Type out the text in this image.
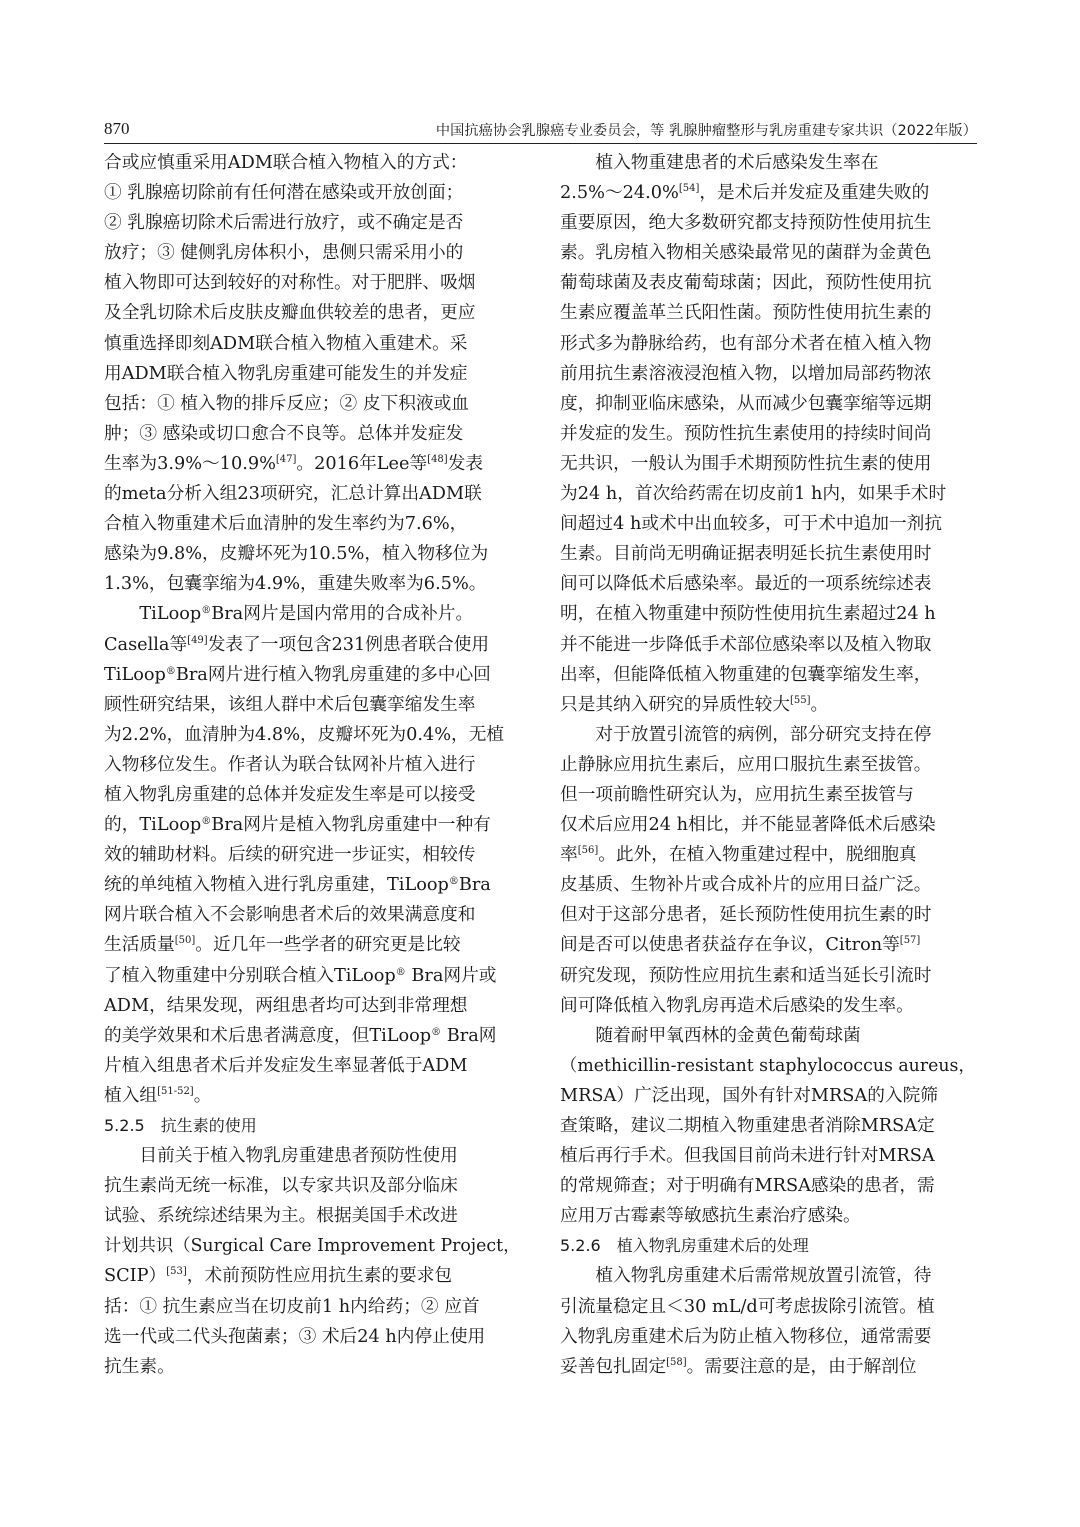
870	中国抗癌协会乳腺癌专业委员会，等 乳腺肿瘤整形与乳房重建专家共识（2022年版）
合或应慎重采用ADM联合植入物植入的方式：
① 乳腺癌切除前有任何潜在感染或开放创面；
② 乳腺癌切除术后需进行放疗，或不确定是否
放疗；③ 健侧乳房体积小，患侧只需采用小的
植入物即可达到较好的对称性。对于肥胖、吸烟
及全乳切除术后皮肤皮瓣血供较差的患者，更应
慎重选择即刻ADM联合植入物植入重建术。采
用ADM联合植入物乳房重建可能发生的并发症
包括：① 植入物的排斥反应；② 皮下积液或血
肿；③ 感染或切口愈合不良等。总体并发症发
生率为3.9%～10.9%[47]。2016年Lee等[48]发表
的meta分析入组23项研究，汇总计算出ADM联
合植入物重建术后血清肿的发生率约为7.6%，
感染为9.8%，皮瓣坏死为10.5%，植入物移位为
1.3%，包囊挛缩为4.9%，重建失败率为6.5%。
　　TiLoop®Bra网片是国内常用的合成补片。
Casella等[49]发表了一项包含231例患者联合使用
TiLoop®Bra网片进行植入物乳房重建的多中心回
顾性研究结果，该组人群中术后包囊挛缩发生率
为2.2%，血清肿为4.8%，皮瓣坏死为0.4%，无植
入物移位发生。作者认为联合钛网补片植入进行
植入物乳房重建的总体并发症发生率是可以接受
的，TiLoop®Bra网片是植入物乳房重建中一种有
效的辅助材料。后续的研究进一步证实，相较传
统的单纯植入物植入进行乳房重建，TiLoop®Bra
网片联合植入不会影响患者术后的效果满意度和
生活质量[50]。近几年一些学者的研究更是比较
了植入物重建中分别联合植入TiLoop® Bra网片或
ADM，结果发现，两组患者均可达到非常理想
的美学效果和术后患者满意度，但TiLoop® Bra网
片植入组患者术后并发症发生率显著低于ADM
植入组[51-52]。
5.2.5　抗生素的使用
　　目前关于植入物乳房重建患者预防性使用
抗生素尚无统一标准，以专家共识及部分临床
试验、系统综述结果为主。根据美国手术改进
计划共识（Surgical Care Improvement Project，
SCIP）[53]，术前预防性应用抗生素的要求包
括：① 抗生素应当在切皮前1 h内给药；② 应首
选一代或二代头孢菌素；③ 术后24 h内停止使用
抗生素。
　　植入物重建患者的术后感染发生率在
2.5%～24.0%[54]，是术后并发症及重建失败的
重要原因，绝大多数研究都支持预防性使用抗生
素。乳房植入物相关感染最常见的菌群为金黄色
葡萄球菌及表皮葡萄球菌；因此，预防性使用抗
生素应覆盖革兰氏阳性菌。预防性使用抗生素的
形式多为静脉给药，也有部分术者在植入植入物
前用抗生素溶液浸泡植入物，以增加局部药物浓
度，抑制亚临床感染，从而减少包囊挛缩等远期
并发症的发生。预防性抗生素使用的持续时间尚
无共识，一般认为围手术期预防性抗生素的使用
为24 h，首次给药需在切皮前1 h内，如果手术时
间超过4 h或术中出血较多，可于术中追加一剂抗
生素。目前尚无明确证据表明延长抗生素使用时
间可以降低术后感染率。最近的一项系统综述表
明，在植入物重建中预防性使用抗生素超过24 h
并不能进一步降低手术部位感染率以及植入物取
出率，但能降低植入物重建的包囊挛缩发生率，
只是其纳入研究的异质性较大[55]。
　　对于放置引流管的病例，部分研究支持在停
止静脉应用抗生素后，应用口服抗生素至拔管。
但一项前瞻性研究认为，应用抗生素至拔管与
仅术后应用24 h相比，并不能显著降低术后感染
率[56]。此外，在植入物重建过程中，脱细胞真
皮基质、生物补片或合成补片的应用日益广泛。
但对于这部分患者，延长预防性使用抗生素的时
间是否可以使患者获益存在争议，Citron等[57]
研究发现，预防性应用抗生素和适当延长引流时
间可降低植入物乳房再造术后感染的发生率。
　　随着耐甲氧西林的金黄色葡萄球菌
（methicillin-resistant staphylococcus aureus，
MRSA）广泛出现，国外有针对MRSA的入院筛
查策略，建议二期植入物重建患者消除MRSA定
植后再行手术。但我国目前尚未进行针对MRSA
的常规筛查；对于明确有MRSA感染的患者，需
应用万古霉素等敏感抗生素治疗感染。
5.2.6　植入物乳房重建术后的处理
　　植入物乳房重建术后需常规放置引流管，待
引流量稳定且＜30 mL/d可考虑拔除引流管。植
入物乳房重建术后为防止植入物移位，通常需要
妥善包扎固定[58]。需要注意的是，由于解剖位
